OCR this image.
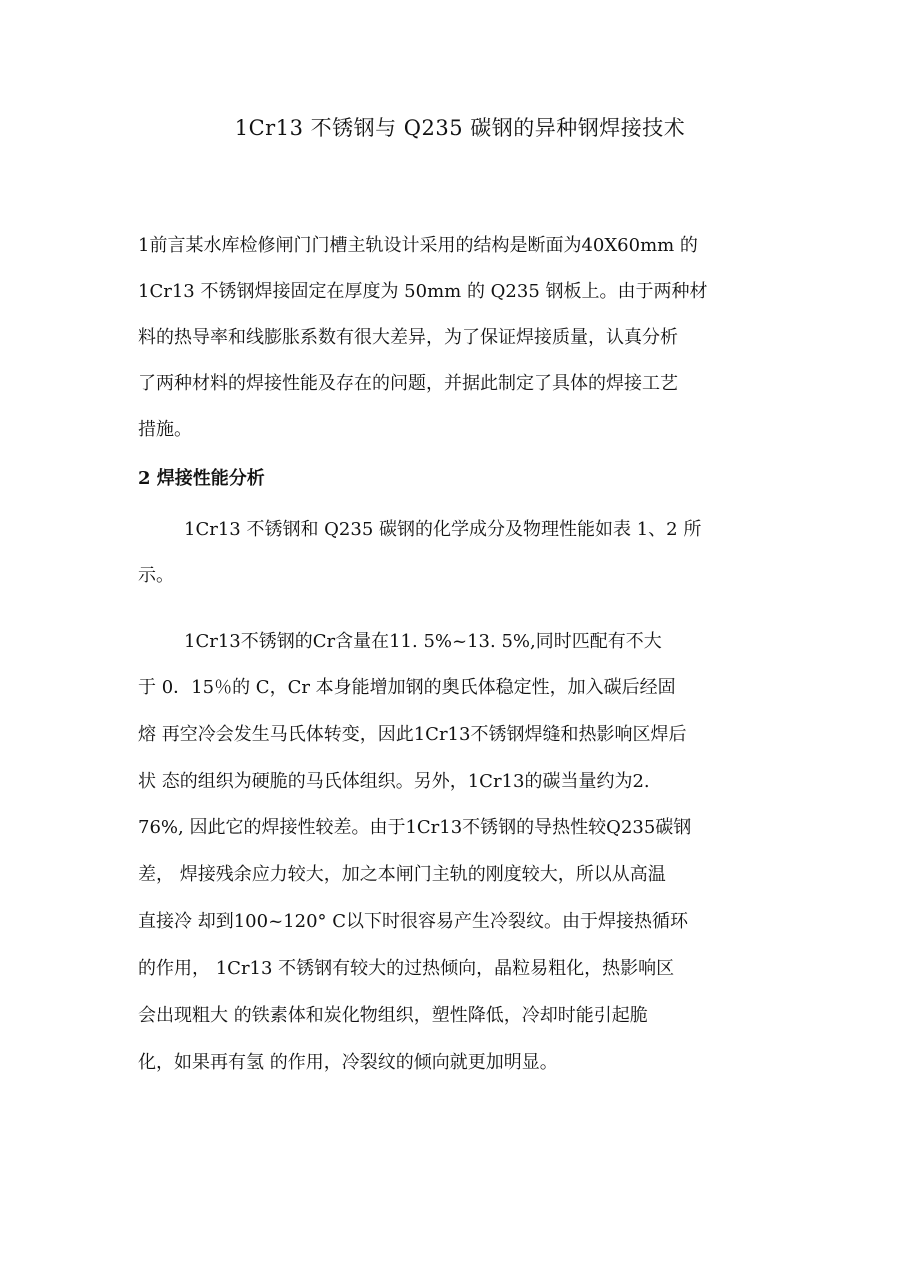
1Cr13 不锈钢与 Q235 碳钢的异种钢焊接技术
1前言某水库检修闸门门槽主轨设计采用的结构是断面为40X60mm 的
1Cr13 不锈钢焊接固定在厚度为 50mm 的 Q235 钢板上。由于两种材
料的热导率和线膨胀系数有很大差异，为了保证焊接质量，认真分析
了两种材料的焊接性能及存在的问题，并据此制定了具体的焊接工艺
措施。
2 焊接性能分析
1Cr13 不锈钢和 Q235 碳钢的化学成分及物理性能如表 1、2 所
示。
1Cr13不锈钢的Cr含量在11. 5%~13. 5%,同时匹配有不大
于 0．15％的 C，Cr 本身能增加钢的奥氏体稳定性，加入碳后经固
熔 再空冷会发生马氏体转变，因此1Cr13不锈钢焊缝和热影响区焊后
状 态的组织为硬脆的马氏体组织。另外，1Cr13的碳当量约为2.
76%, 因此它的焊接性较差。由于1Cr13不锈钢的导热性较Q235碳钢
差， 焊接残余应力较大，加之本闸门主轨的刚度较大，所以从高温
直接冷 却到100~120° C以下时很容易产生冷裂纹。由于焊接热循环
的作用， 1Cr13 不锈钢有较大的过热倾向，晶粒易粗化，热影响区
会出现粗大 的铁素体和炭化物组织，塑性降低，冷却时能引起脆
化，如果再有氢 的作用，冷裂纹的倾向就更加明显。
